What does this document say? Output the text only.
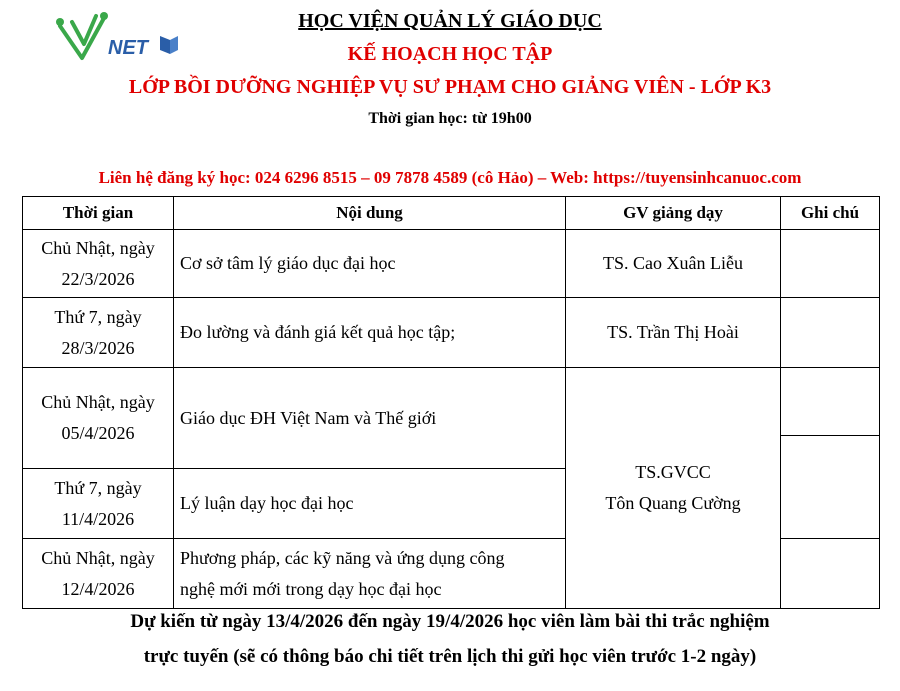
NET
HỌC VIỆN QUẢN LÝ GIÁO DỤC
KẾ HOẠCH HỌC TẬP
LỚP BỒI DƯỠNG NGHIỆP VỤ SƯ PHẠM CHO GIẢNG VIÊN - LỚP K3
Thời gian học: từ 19h00
Liên hệ đăng ký học: 024 6296 8515 – 09 7878 4589 (cô Hảo) – Web: https://tuyensinhcanuoc.com
Thời gian	Nội dung	GV giảng dạy	Ghi chú
Chủ Nhật, ngày
22/3/2026	Cơ sở tâm lý giáo dục đại học	TS. Cao Xuân Liễu	
Thứ 7, ngày
28/3/2026	Đo lường và đánh giá kết quả học tập;	TS. Trần Thị Hoài	
Chủ Nhật, ngày
05/4/2026	Giáo dục ĐH Việt Nam và Thế giới	TS.GVCC
Tôn Quang Cường	

Thứ 7, ngày
11/4/2026	Lý luận dạy học đại học		

Chủ Nhật, ngày
12/4/2026	Phương pháp, các kỹ năng và ứng dụng công
nghệ mới mới trong dạy học đại học		
Dự kiến từ ngày 13/4/2026 đến ngày 19/4/2026 học viên làm bài thi trắc nghiệm
trực tuyến (sẽ có thông báo chi tiết trên lịch thi gửi học viên trước 1-2 ngày)
